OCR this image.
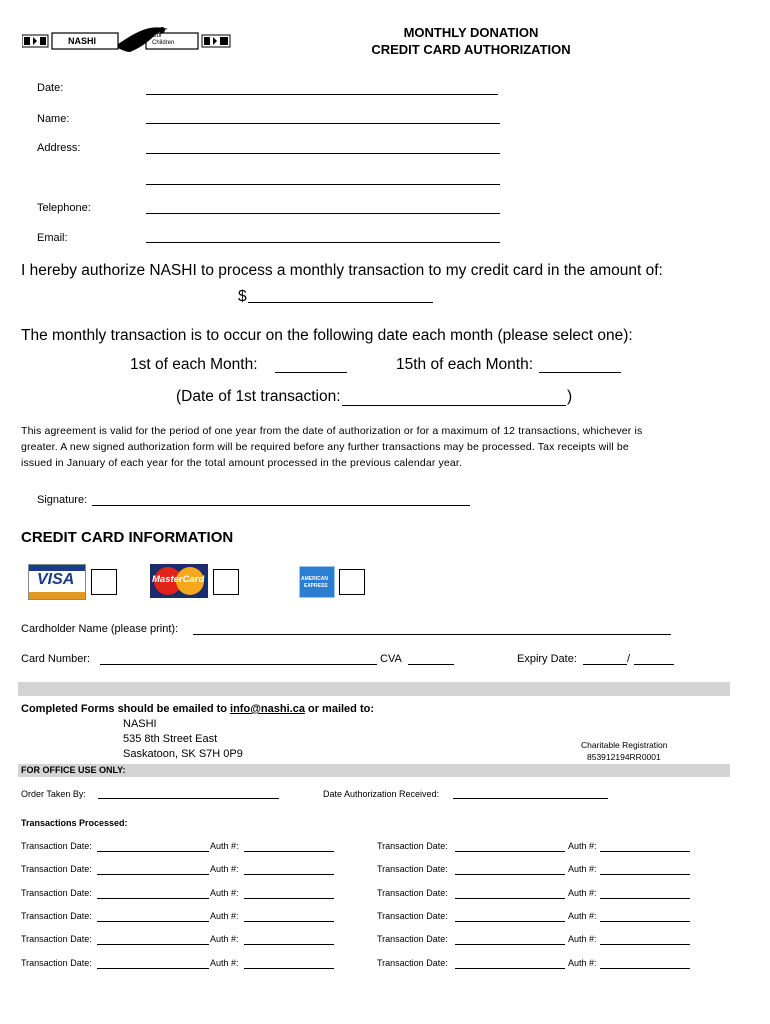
NASHI	Our
Children
MONTHLY DONATION
CREDIT CARD AUTHORIZATION
Date:
Name:
Address:
Telephone:
Email:
I hereby authorize NASHI to process a monthly transaction to my credit card in the amount of:
$
The monthly transaction is to occur on the following date each month (please select one):
1st of each Month:	15th of each Month:
(Date of 1st transaction:	)
This agreement is valid for the period of one year from the date of authorization or for a maximum of 12 transactions, whichever is
greater. A new signed authorization form will be required before any further transactions may be processed. Tax receipts will be
issued in January of each year for the total amount processed in the previous calendar year.
Signature:
CREDIT CARD INFORMATION
VISA	MasterCard	AMERICAN
EXPRESS
Cardholder Name (please print):
Card Number:	CVA	Expiry Date:	/
Completed Forms should be emailed to info@nashi.ca or mailed to:
NASHI
535 8th Street East
Saskatoon, SK S7H 0P9
Charitable Registration
853912194RR0001
FOR OFFICE USE ONLY:
Order Taken By:	Date Authorization Received:
Transactions Processed:
Transaction Date:	Auth #:	Transaction Date:	Auth #:
Transaction Date:	Auth #:	Transaction Date:	Auth #:
Transaction Date:	Auth #:	Transaction Date:	Auth #:
Transaction Date:	Auth #:	Transaction Date:	Auth #:
Transaction Date:	Auth #:	Transaction Date:	Auth #:
Transaction Date:	Auth #:	Transaction Date:	Auth #:
